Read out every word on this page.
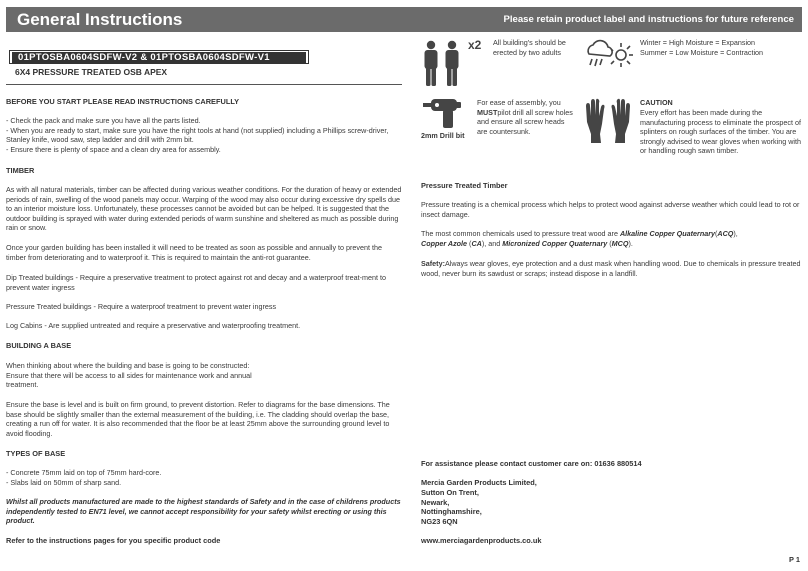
General Instructions	Please retain product label and instructions for future reference
01PTOSBA0604SDFW-V2 & 01PTOSBA0604SDFW-V1
6X4 PRESSURE TREATED OSB APEX
BEFORE YOU START PLEASE READ INSTRUCTIONS CAREFULLY
- Check the pack and make sure you have all the parts listed.
- When you are ready to start, make sure you have the right tools at hand (not supplied) including a Phillips screw-driver, Stanley knife, wood saw, step ladder and drill with 2mm bit.
- Ensure there is plenty of space and a clean dry area for assembly.
TIMBER
As with all natural materials, timber can be affected during various weather conditions. For the duration of heavy or extended periods of rain, swelling of the wood panels may occur. Warping of the wood may also occur during excessive dry spells due to an interior moisture loss. Unfortunately, these processes cannot be avoided but can be helped. It is suggested that the outdoor building is sprayed with water during extended periods of warm sunshine and sheltered as much as possible during rain or snow.
Once your garden building has been installed it will need to be treated as soon as possible and annually to prevent the timber from deteriorating and to waterproof it. This is required to maintain the anti-rot guarantee.
Dip Treated buildings - Require a preservative treatment to protect against rot and decay and a waterproof treat-ment to prevent water ingress
Pressure Treated buildings - Require a waterproof treatment to prevent water ingress
Log Cabins - Are supplied untreated and require a preservative and waterproofing treatment.
BUILDING A BASE
When thinking about where the building and base is going to be constructed:
Ensure that there will be access to all sides for maintenance work and annual
treatment.
Ensure the base is level and is built on firm ground, to prevent distortion. Refer to diagrams for the base dimensions. The base should be slightly smaller than the external measurement of the building, i.e. The cladding should overlap the base, creating a run off for water. It is also recommended that the floor be at least 25mm above the surrounding ground level to avoid flooding.
TYPES OF BASE
- Concrete 75mm laid on top of 75mm hard-core.
- Slabs laid on 50mm of sharp sand.
Whilst all products manufactured are made to the highest standards of Safety and in the case of childrens products independently tested to EN71 level, we cannot accept responsibility for your safety whilst erecting or using this product.
Refer to the instructions pages for you specific product code
x2 All building's should be erected by two adults
Winter = High Moisture = Expansion
Summer = Low Moisture = Contraction
2mm Drill bit
For ease of assembly, you MUSTpilot drill all screw holes and ensure all screw heads are countersunk.
CAUTION
Every effort has been made during the manufacturing process to eliminate the prospect of splinters on rough surfaces of the timber. You are strongly advised to wear gloves when working with or handling rough sawn timber.
Pressure Treated Timber
Pressure treating is a chemical process which helps to protect wood against adverse weather which could lead to rot or insect damage.
The most common chemicals used to pressure treat wood are Alkaline Copper Quaternary(ACQ),
Copper Azole (CA), and Micronized Copper Quaternary (MCQ).
Safety:Always wear gloves, eye protection and a dust mask when handling wood. Due to chemicals in pressure treated wood, never burn its sawdust or scraps; instead dispose in a landfill.
For assistance please contact customer care on: 01636 880514
Mercia Garden Products Limited,
Sutton On Trent,
Newark,
Nottinghamshire,
NG23 6QN
www.merciagardenproducts.co.uk
P 1
